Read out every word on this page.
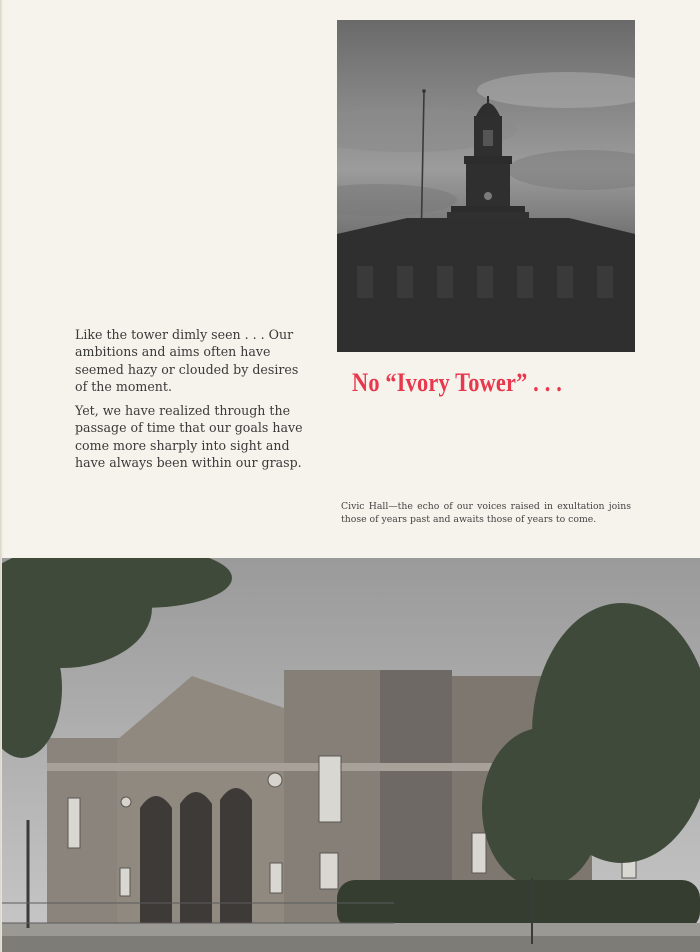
Like the tower dimly seen . . . Our ambitions and aims often have seemed hazy or clouded by desires of the moment.

Yet, we have realized through the passage of time that our goals have come more sharply into sight and have always been within our grasp.

No “Ivory Tower” . . .
Civic Hall—the echo of our voices raised in exultation joins those of years past and awaits those of years to come.
